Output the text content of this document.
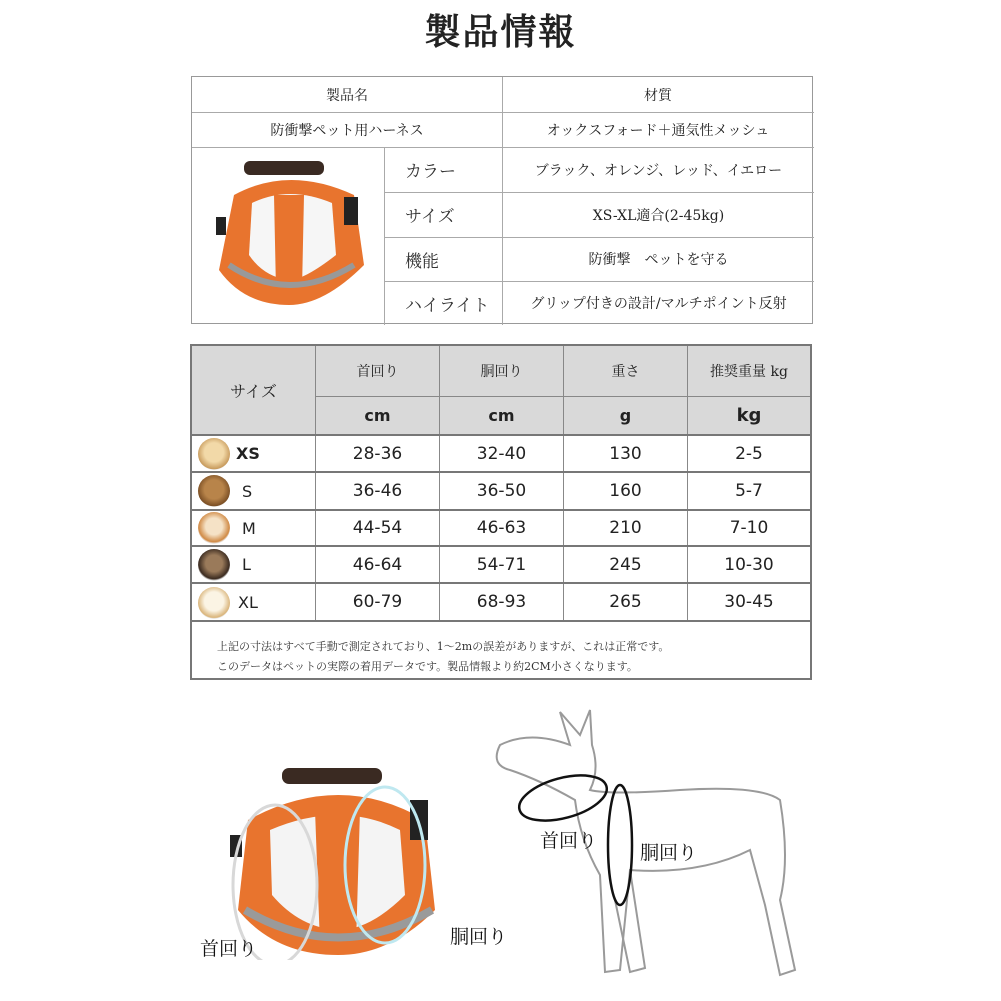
製品情報
製品名	材質
防衝撃ペット用ハーネス	オックスフォード＋通気性メッシュ
カラー	ブラック、オレンジ、レッド、イエロー
サイズ	XS-XL適合(2-45kg)
機能	防衝撃　ペットを守る
ハイライト	グリップ付きの設計/マルチポイント反射
サイズ
首回り	胴回り	重さ	推奨重量 kg
cm	cm	g	kg
XS	28-36	32-40	130	2-5
S	36-46	36-50	160	5-7
M	44-54	46-63	210	7-10
L	46-64	54-71	245	10-30
XL	60-79	68-93	265	30-45
上記の寸法はすべて手動で測定されており、1～2mの誤差がありますが、これは正常です。
このデータはペットの実際の着用データです。製品情報より約2CM小さくなります。
首回り
胴回り
首回り
胴回り
